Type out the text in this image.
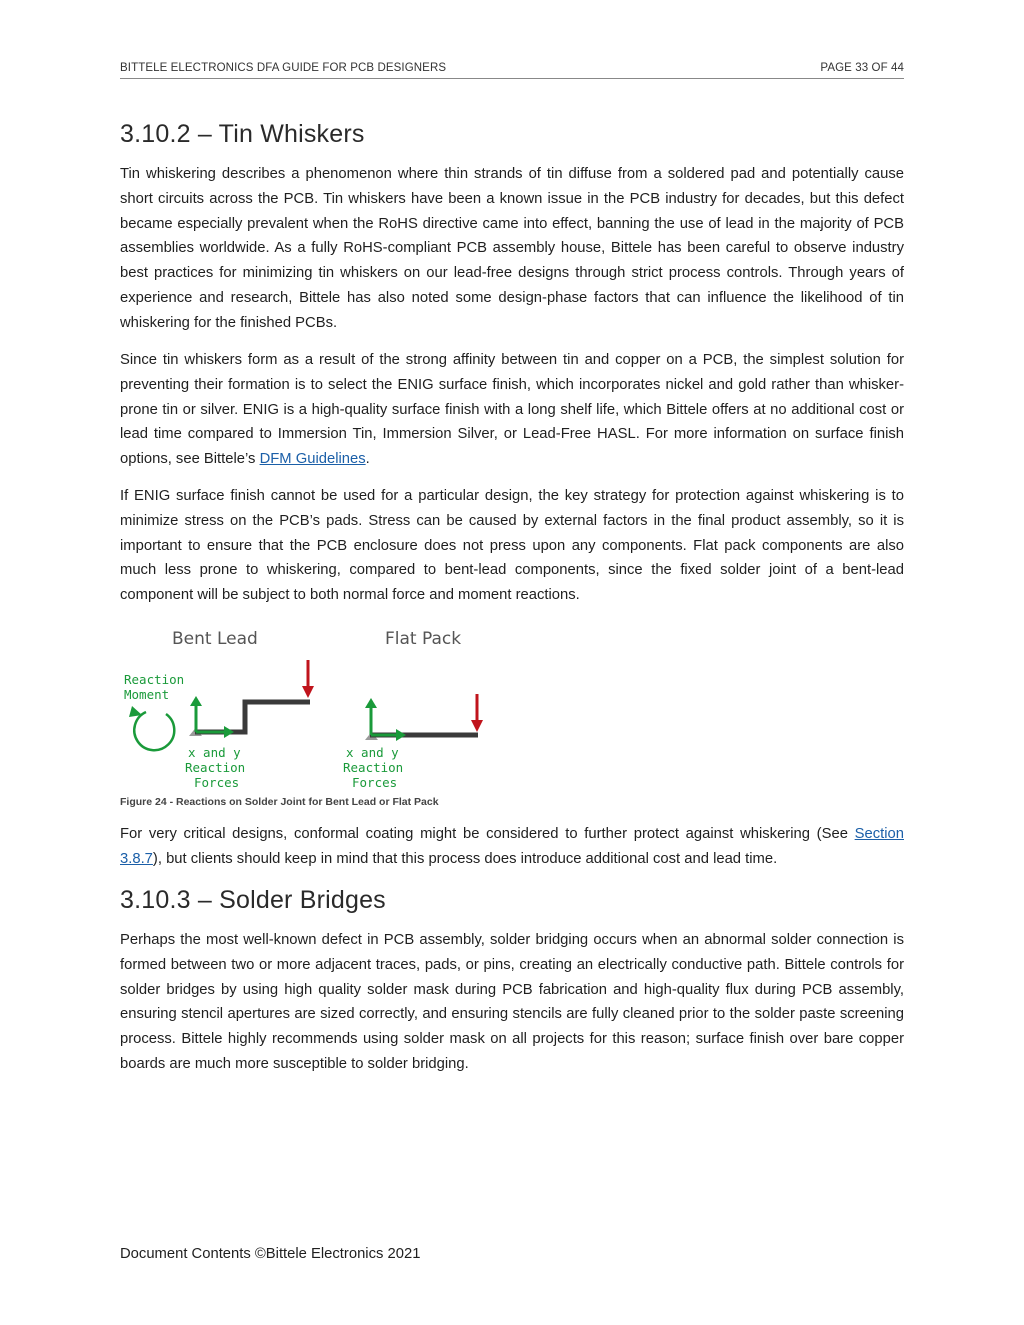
BITTELE ELECTRONICS DFA GUIDE FOR PCB DESIGNERS	PAGE 33 OF 44
3.10.2 – Tin Whiskers

Tin whiskering describes a phenomenon where thin strands of tin diffuse from a soldered pad and potentially cause short circuits across the PCB. Tin whiskers have been a known issue in the PCB industry for decades, but this defect became especially prevalent when the RoHS directive came into effect, banning the use of lead in the majority of PCB assemblies worldwide. As a fully RoHS-compliant PCB assembly house, Bittele has been careful to observe industry best practices for minimizing tin whiskers on our lead-free designs through strict process controls. Through years of experience and research, Bittele has also noted some design-phase factors that can influence the likelihood of tin whiskering for the finished PCBs.

Since tin whiskers form as a result of the strong affinity between tin and copper on a PCB, the simplest solution for preventing their formation is to select the ENIG surface finish, which incorporates nickel and gold rather than whisker-prone tin or silver. ENIG is a high-quality surface finish with a long shelf life, which Bittele offers at no additional cost or lead time compared to Immersion Tin, Immersion Silver, or Lead-Free HASL. For more information on surface finish options, see Bittele’s DFM Guidelines.

If ENIG surface finish cannot be used for a particular design, the key strategy for protection against whiskering is to minimize stress on the PCB’s pads. Stress can be caused by external factors in the final product assembly, so it is important to ensure that the PCB enclosure does not press upon any components. Flat pack components are also much less prone to whiskering, compared to bent-lead components, since the fixed solder joint of a bent-lead component will be subject to both normal force and moment reactions.

Bent Lead	Flat Pack
Reaction
Moment
x and y
Reaction
Forces
x and y
Reaction
Forces
Figure 24 - Reactions on Solder Joint for Bent Lead or Flat Pack

For very critical designs, conformal coating might be considered to further protect against whiskering (See Section 3.8.7), but clients should keep in mind that this process does introduce additional cost and lead time.

3.10.3 – Solder Bridges

Perhaps the most well-known defect in PCB assembly, solder bridging occurs when an abnormal solder connection is formed between two or more adjacent traces, pads, or pins, creating an electrically conductive path. Bittele controls for solder bridges by using high quality solder mask during PCB fabrication and high-quality flux during PCB assembly, ensuring stencil apertures are sized correctly, and ensuring stencils are fully cleaned prior to the solder paste screening process. Bittele highly recommends using solder mask on all projects for this reason; surface finish over bare copper boards are much more susceptible to solder bridging.

Document Contents ©Bittele Electronics 2021
